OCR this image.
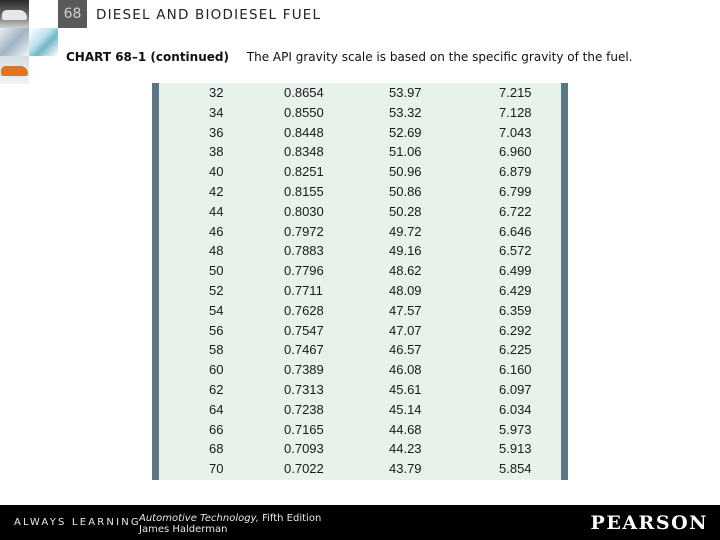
68	DIESEL AND BIODIESEL FUEL
CHART 68–1 (continued) The API gravity scale is based on the specific gravity of the fuel.
32	0.8654	53.97	7.215
34	0.8550	53.32	7.128
36	0.8448	52.69	7.043
38	0.8348	51.06	6.960
40	0.8251	50.96	6.879
42	0.8155	50.86	6.799
44	0.8030	50.28	6.722
46	0.7972	49.72	6.646
48	0.7883	49.16	6.572
50	0.7796	48.62	6.499
52	0.7711	48.09	6.429
54	0.7628	47.57	6.359
56	0.7547	47.07	6.292
58	0.7467	46.57	6.225
60	0.7389	46.08	6.160
62	0.7313	45.61	6.097
64	0.7238	45.14	6.034
66	0.7165	44.68	5.973
68	0.7093	44.23	5.913
70	0.7022	43.79	5.854
ALWAYS LEARNING
Automotive Technology, Fifth Edition
James Halderman	PEARSON
